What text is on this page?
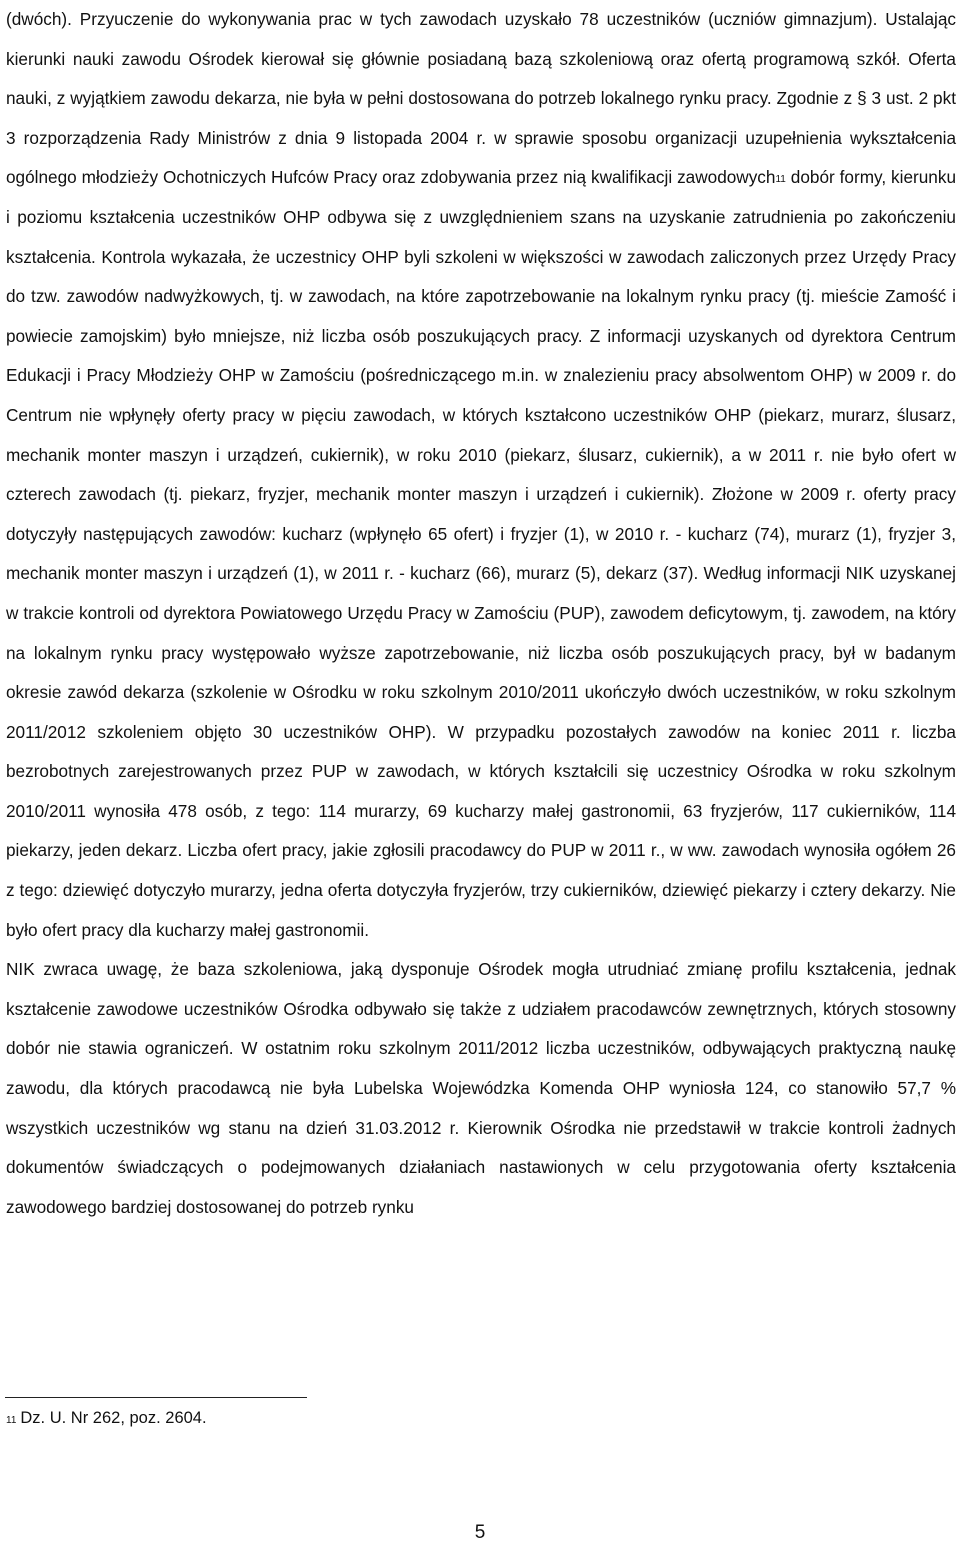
(dwóch). Przyuczenie do wykonywania prac w tych zawodach uzyskało 78 uczestników (uczniów gimnazjum). Ustalając kierunki nauki zawodu Ośrodek kierował się głównie posiadaną bazą szkoleniową oraz ofertą programową szkół. Oferta nauki, z wyjątkiem zawodu dekarza, nie była w pełni dostosowana do potrzeb lokalnego rynku pracy. Zgodnie z § 3 ust. 2 pkt 3 rozporządzenia Rady Ministrów z dnia 9 listopada 2004 r. w sprawie sposobu organizacji uzupełnienia wykształcenia ogólnego młodzieży Ochotniczych Hufców Pracy oraz zdobywania przez nią kwalifikacji zawodowych$^{11}$ dobór formy, kierunku i poziomu kształcenia uczestników OHP odbywa się z uwzględnieniem szans na uzyskanie zatrudnienia po zakończeniu kształcenia. Kontrola wykazała, że uczestnicy OHP byli szkoleni w większości w zawodach zaliczonych przez Urzędy Pracy do tzw. zawodów nadwyżkowych, tj. w zawodach, na które zapotrzebowanie na lokalnym rynku pracy (tj. mieście Zamość i powiecie zamojskim) było mniejsze, niż liczba osób poszukujących pracy. Z informacji uzyskanych od dyrektora Centrum Edukacji i Pracy Młodzieży OHP w Zamościu (pośredniczącego m.in. w znalezieniu pracy absolwentom OHP) w 2009 r. do Centrum nie wpłynęły oferty pracy w pięciu zawodach, w których kształcono uczestników OHP (piekarz, murarz, ślusarz, mechanik monter maszyn i urządzeń, cukiernik), w roku 2010 (piekarz, ślusarz, cukiernik), a w 2011 r. nie było ofert w czterech zawodach (tj. piekarz, fryzjer, mechanik monter maszyn i urządzeń i cukiernik). Złożone w 2009 r. oferty pracy dotyczyły następujących zawodów: kucharz (wpłynęło 65 ofert) i fryzjer (1), w 2010 r. - kucharz (74), murarz (1), fryzjer 3, mechanik monter maszyn i urządzeń (1), w 2011 r. - kucharz (66), murarz (5), dekarz (37). Według informacji NIK uzyskanej w trakcie kontroli od dyrektora Powiatowego Urzędu Pracy w Zamościu (PUP), zawodem deficytowym, tj. zawodem, na który na lokalnym rynku pracy występowało wyższe zapotrzebowanie, niż liczba osób poszukujących pracy, był w badanym okresie zawód dekarza (szkolenie w Ośrodku w roku szkolnym 2010/2011 ukończyło dwóch uczestników, w roku szkolnym 2011/2012 szkoleniem objęto 30 uczestników OHP). W przypadku pozostałych zawodów na koniec 2011 r. liczba bezrobotnych zarejestrowanych przez PUP w zawodach, w których kształcili się uczestnicy Ośrodka w roku szkolnym 2010/2011 wynosiła 478 osób, z tego: 114 murarzy, 69 kucharzy małej gastronomii, 63 fryzjerów, 117 cukierników, 114 piekarzy, jeden dekarz. Liczba ofert pracy, jakie zgłosili pracodawcy do PUP w 2011 r., w ww. zawodach wynosiła ogółem 26 z tego: dziewięć dotyczyło murarzy, jedna oferta dotyczyła fryzjerów, trzy cukierników, dziewięć piekarzy i cztery dekarzy. Nie było ofert pracy dla kucharzy małej gastronomii.

NIK zwraca uwagę, że baza szkoleniowa, jaką dysponuje Ośrodek mogła utrudniać zmianę profilu kształcenia, jednak kształcenie zawodowe uczestników Ośrodka odbywało się także z udziałem pracodawców zewnętrznych, których stosowny dobór nie stawia ograniczeń. W ostatnim roku szkolnym 2011/2012 liczba uczestników, odbywających praktyczną naukę zawodu, dla których pracodawcą nie była Lubelska Wojewódzka Komenda OHP wyniosła 124, co stanowiło 57,7 % wszystkich uczestników wg stanu na dzień 31.03.2012 r. Kierownik Ośrodka nie przedstawił w trakcie kontroli żadnych dokumentów świadczących o podejmowanych działaniach nastawionych w celu przygotowania oferty kształcenia zawodowego bardziej dostosowanej do potrzeb rynku

$^{11}$ Dz. U. Nr 262, poz. 2604.
5
